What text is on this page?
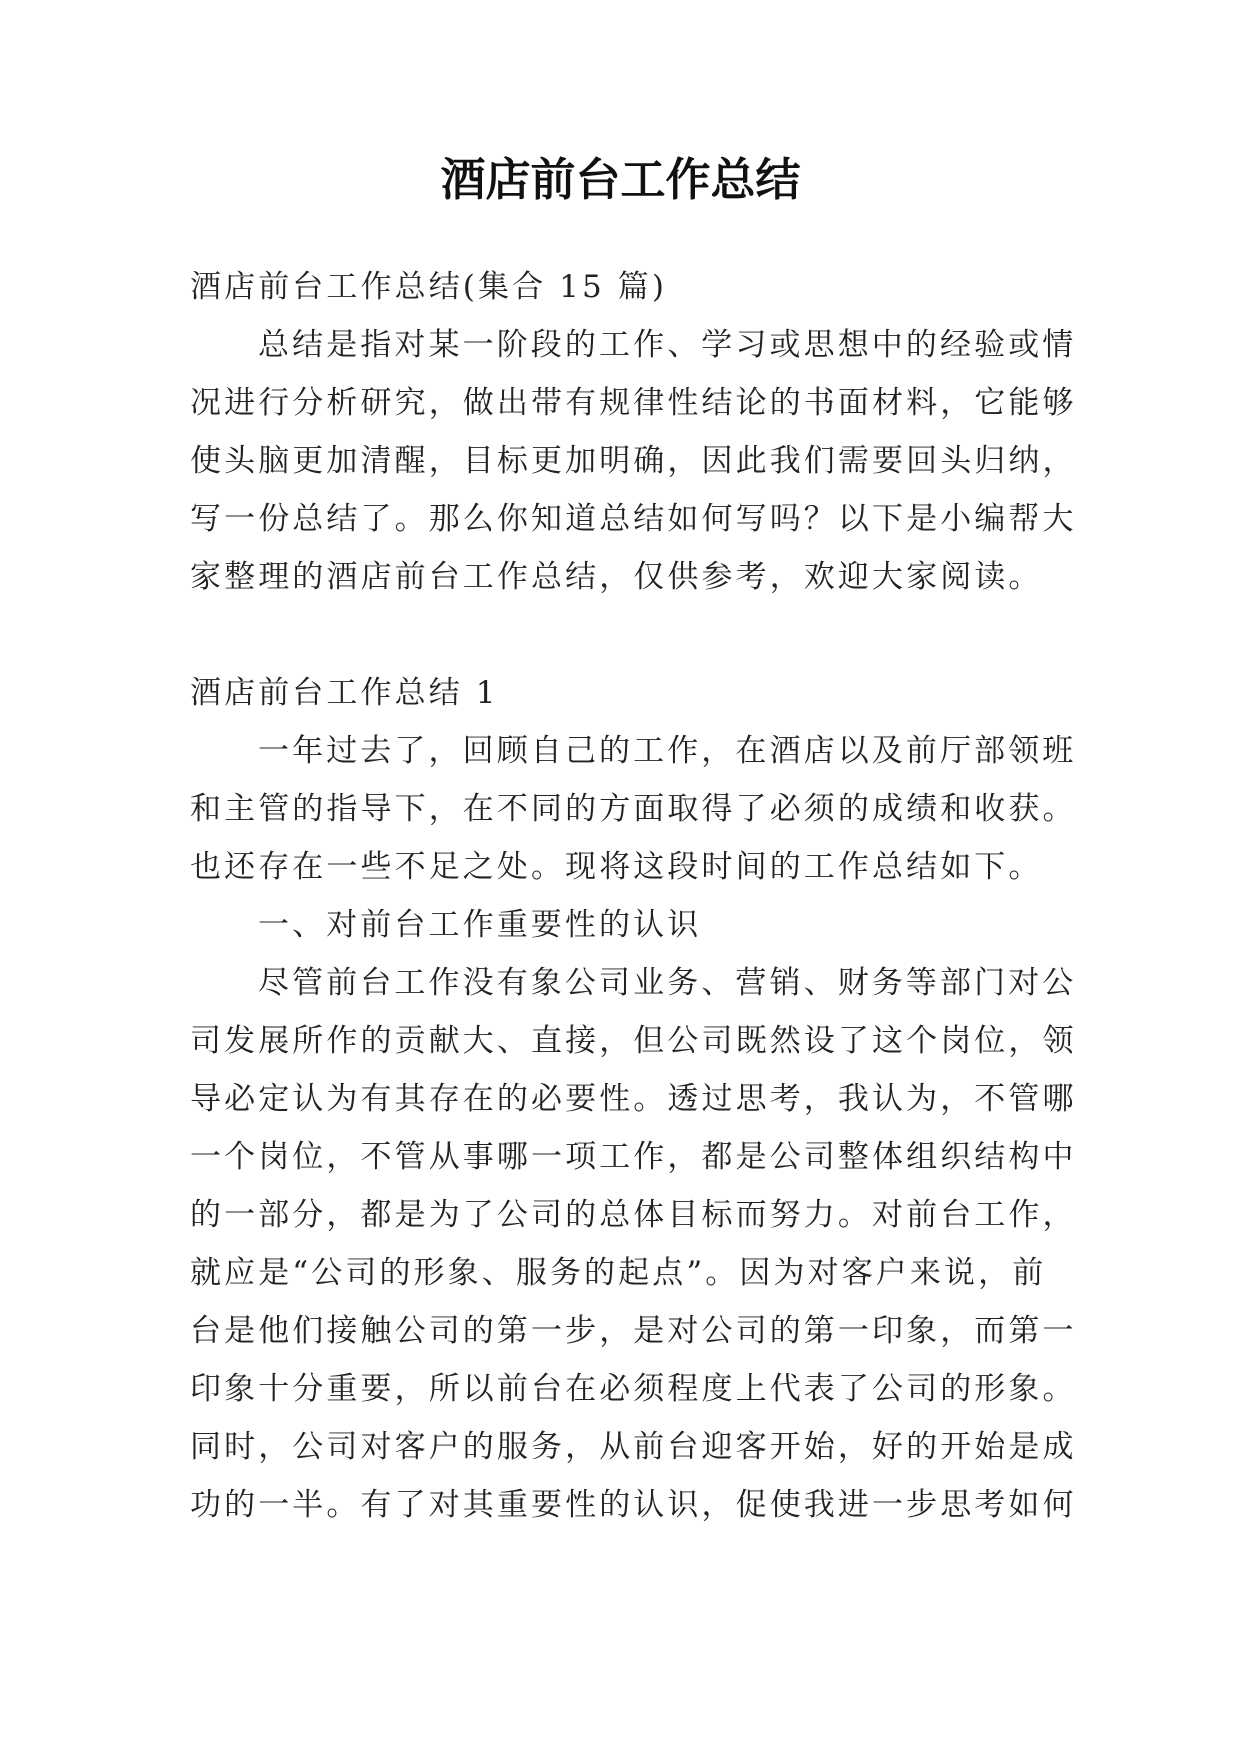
酒店前台工作总结

酒店前台工作总结(集合 15 篇)

总结是指对某一阶段的工作、学习或思想中的经验或情

况进行分析研究，做出带有规律性结论的书面材料，它能够

使头脑更加清醒，目标更加明确，因此我们需要回头归纳，

写一份总结了。那么你知道总结如何写吗？以下是小编帮大

家整理的酒店前台工作总结，仅供参考，欢迎大家阅读。

酒店前台工作总结 1

一年过去了，回顾自己的工作，在酒店以及前厅部领班

和主管的指导下，在不同的方面取得了必须的成绩和收获。

也还存在一些不足之处。现将这段时间的工作总结如下。

一、对前台工作重要性的认识

尽管前台工作没有象公司业务、营销、财务等部门对公

司发展所作的贡献大、直接，但公司既然设了这个岗位，领

导必定认为有其存在的必要性。透过思考，我认为，不管哪

一个岗位，不管从事哪一项工作，都是公司整体组织结构中

的一部分，都是为了公司的总体目标而努力。对前台工作，

就应是“公司的形象、服务的起点”。因为对客户来说，前

台是他们接触公司的第一步，是对公司的第一印象，而第一

印象十分重要，所以前台在必须程度上代表了公司的形象。

同时，公司对客户的服务，从前台迎客开始，好的开始是成

功的一半。有了对其重要性的认识，促使我进一步思考如何
